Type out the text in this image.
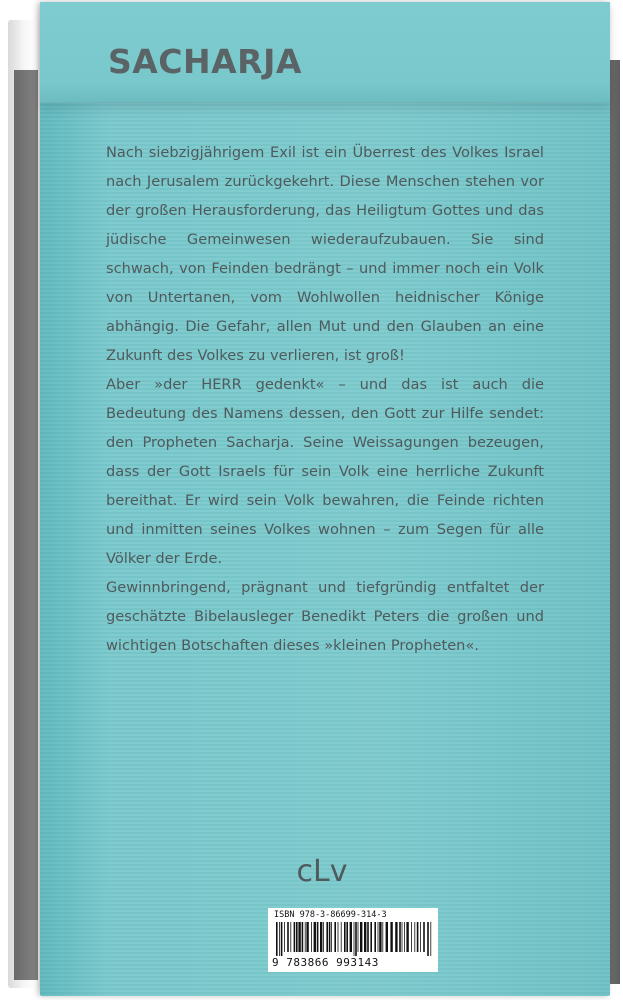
SACHARJA

Nach siebzigjährigem Exil ist ein Überrest des Volkes Israel nach Jerusalem zurückgekehrt. Diese Menschen stehen vor der großen Herausforderung, das Heiligtum Gottes und das jüdische Gemeinwesen wiederaufzubauen. Sie sind schwach, von Feinden bedrängt – und immer noch ein Volk von Untertanen, vom Wohlwollen heidnischer Könige abhängig. Die Gefahr, allen Mut und den Glauben an eine Zukunft des Volkes zu verlieren, ist groß!

Aber »der HERR gedenkt« – und das ist auch die Bedeutung des Namens dessen, den Gott zur Hilfe sendet: den Propheten Sacharja. Seine Weissagungen bezeugen, dass der Gott Israels für sein Volk eine herrliche Zukunft bereithat. Er wird sein Volk bewahren, die Feinde richten und inmitten seines Volkes wohnen – zum Segen für alle Völker der Erde.

Gewinnbringend, prägnant und tiefgründig entfaltet der geschätzte Bibelausleger Benedikt Peters die großen und wichtigen Botschaften dieses »kleinen Propheten«.

cLv
ISBN 978-3-86699-314-3
9 783866 993143
